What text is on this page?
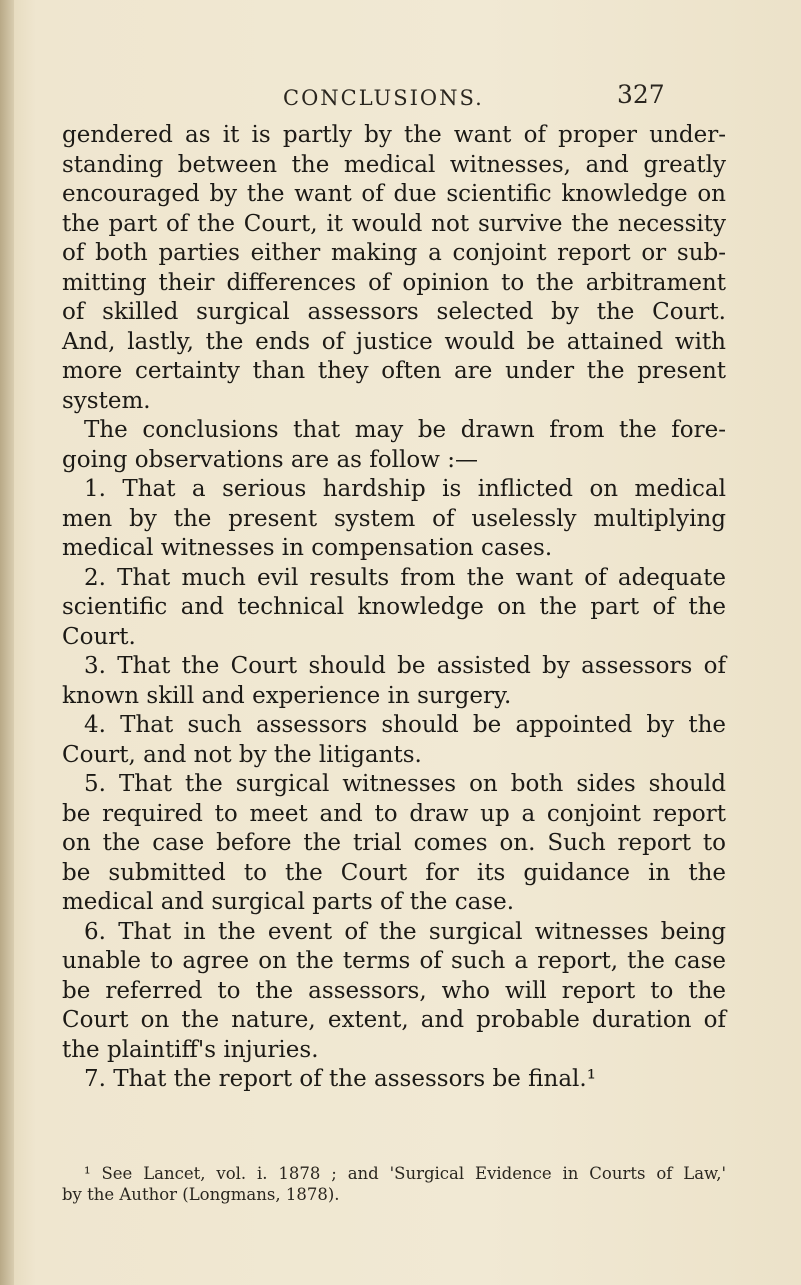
CONCLUSIONS.	327
gendered as it is partly by the want of proper under-
standing between the medical witnesses, and greatly
encouraged by the want of due scientific knowledge on
the part of the Court, it would not survive the necessity
of both parties either making a conjoint report or sub-
mitting their differences of opinion to the arbitrament
of skilled surgical assessors selected by the Court.
And, lastly, the ends of justice would be attained with
more certainty than they often are under the present
system.
The conclusions that may be drawn from the fore-
going observations are as follow :—
1. That a serious hardship is inflicted on medical
men by the present system of uselessly multiplying
medical witnesses in compensation cases.
2. That much evil results from the want of adequate
scientific and technical knowledge on the part of the
Court.
3. That the Court should be assisted by assessors of
known skill and experience in surgery.
4. That such assessors should be appointed by the
Court, and not by the litigants.
5. That the surgical witnesses on both sides should
be required to meet and to draw up a conjoint report
on the case before the trial comes on. Such report to
be submitted to the Court for its guidance in the
medical and surgical parts of the case.
6. That in the event of the surgical witnesses being
unable to agree on the terms of such a report, the case
be referred to the assessors, who will report to the
Court on the nature, extent, and probable duration of
the plaintiff's injuries.
7. That the report of the assessors be final.¹
¹ See Lancet, vol. i. 1878 ; and 'Surgical Evidence in Courts of Law,'
by the Author (Longmans, 1878).
